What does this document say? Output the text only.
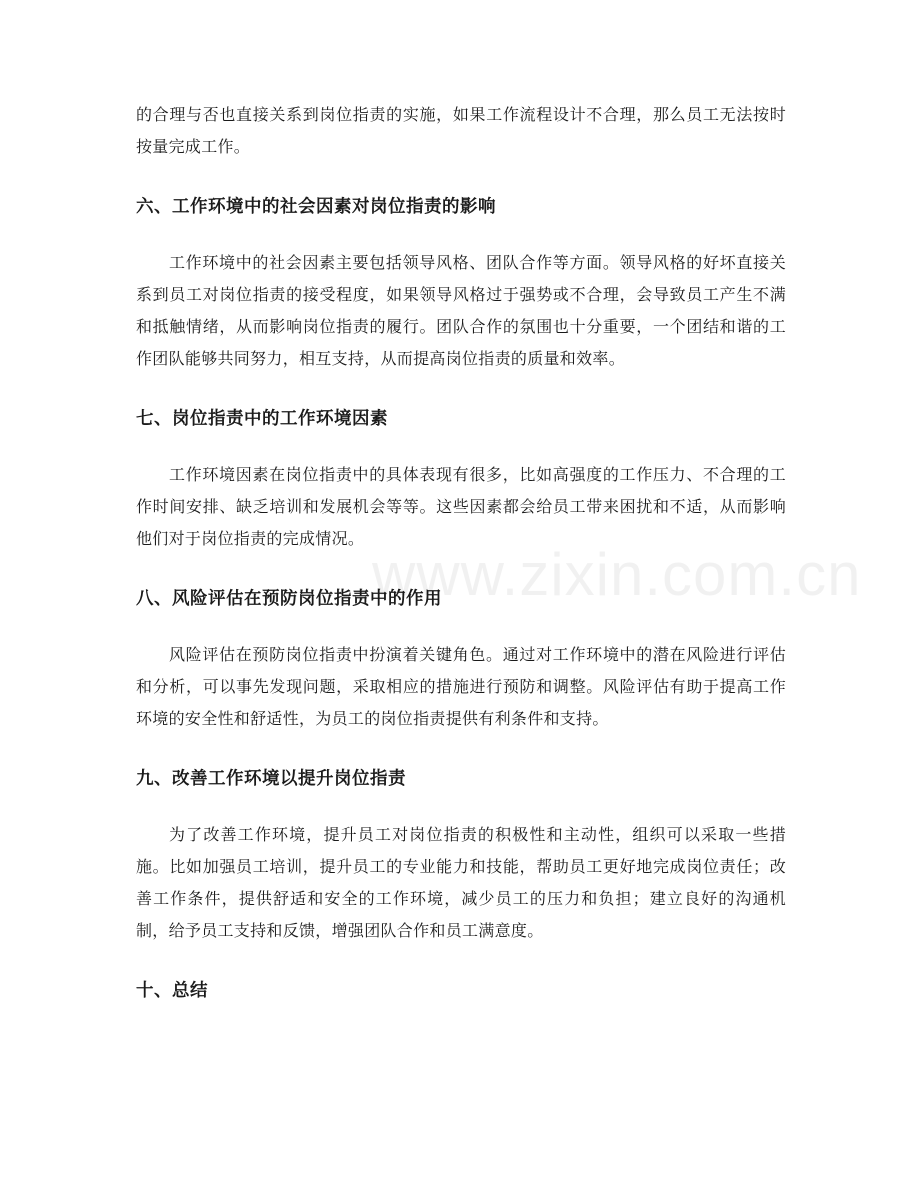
的合理与否也直接关系到岗位指责的实施，如果工作流程设计不合理，那么员工无法按时按量完成工作。

六、工作环境中的社会因素对岗位指责的影响

工作环境中的社会因素主要包括领导风格、团队合作等方面。领导风格的好坏直接关系到员工对岗位指责的接受程度，如果领导风格过于强势或不合理，会导致员工产生不满和抵触情绪，从而影响岗位指责的履行。团队合作的氛围也十分重要，一个团结和谐的工作团队能够共同努力，相互支持，从而提高岗位指责的质量和效率。

七、岗位指责中的工作环境因素

工作环境因素在岗位指责中的具体表现有很多，比如高强度的工作压力、不合理的工作时间安排、缺乏培训和发展机会等等。这些因素都会给员工带来困扰和不适，从而影响他们对于岗位指责的完成情况。

八、风险评估在预防岗位指责中的作用

风险评估在预防岗位指责中扮演着关键角色。通过对工作环境中的潜在风险进行评估和分析，可以事先发现问题，采取相应的措施进行预防和调整。风险评估有助于提高工作环境的安全性和舒适性，为员工的岗位指责提供有利条件和支持。

九、改善工作环境以提升岗位指责

为了改善工作环境，提升员工对岗位指责的积极性和主动性，组织可以采取一些措施。比如加强员工培训，提升员工的专业能力和技能，帮助员工更好地完成岗位责任；改善工作条件，提供舒适和安全的工作环境，减少员工的压力和负担；建立良好的沟通机制，给予员工支持和反馈，增强团队合作和员工满意度。

十、总结
www.zixin.com.cn
